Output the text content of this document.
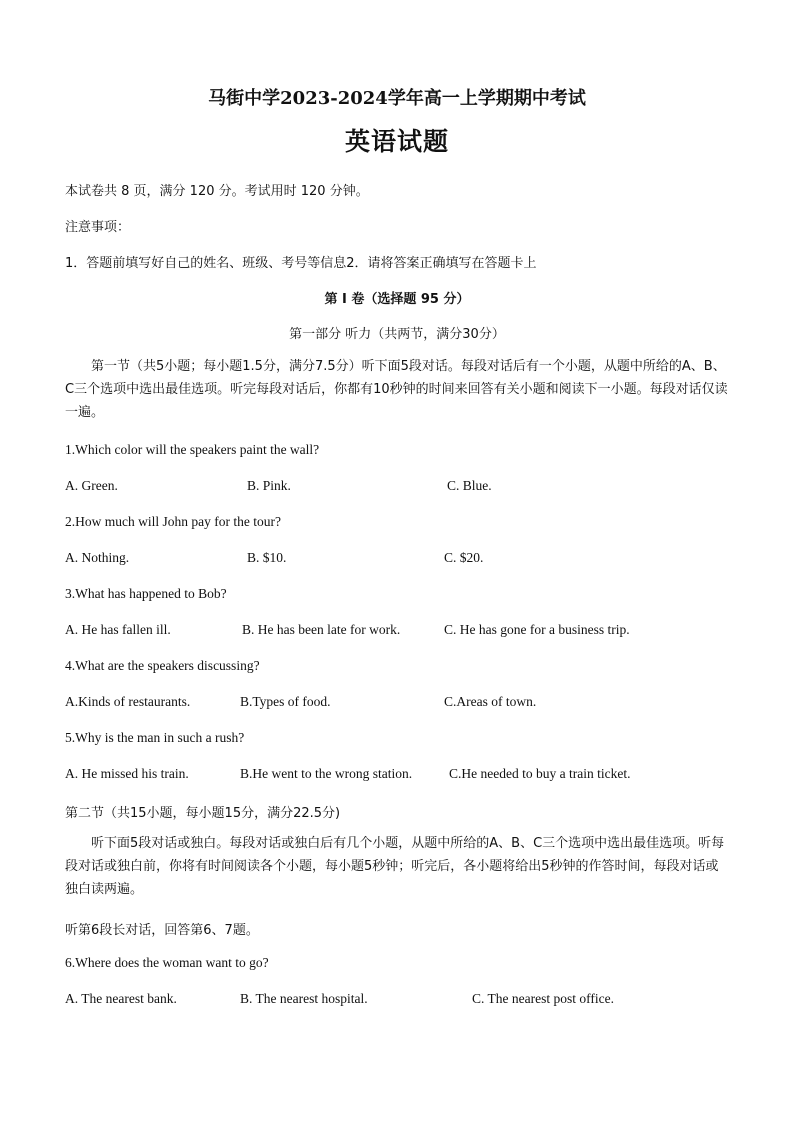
马街中学2023-2024学年高一上学期期中考试
英语试题
本试卷共 8 页，满分 120 分。考试用时 120 分钟。
注意事项：
1．答题前填写好自己的姓名、班级、考号等信息2．请将答案正确填写在答题卡上
第 I 卷（选择题 95 分）
第一部分 听力（共两节，满分30分）
第一节（共5小题；每小题1.5分，满分7.5分）听下面5段对话。每段对话后有一个小题，从题中所给的A、B、C三个选项中选出最佳选项。听完每段对话后，你都有10秒钟的时间来回答有关小题和阅读下一小题。每段对话仅读一遍。
1.Which color will the speakers paint the wall?
A. Green.	B. Pink.	C. Blue.
2.How much will John pay for the tour?
A. Nothing.	B. $10.	C. $20.
3.What has happened to Bob?
A. He has fallen ill.	B. He has been late for work.	C. He has gone for a business trip.
4.What are the speakers discussing?
A.Kinds of restaurants.	B.Types of food.	C.Areas of town.
5.Why is the man in such a rush?
A. He missed his train.	B.He went to the wrong station.	C.He needed to buy a train ticket.
第二节（共15小题，每小题15分，满分22.5分)
听下面5段对话或独白。每段对话或独白后有几个小题，从题中所给的A、B、C三个选项中选出最佳选项。听每段对话或独白前，你将有时间阅读各个小题，每小题5秒钟；听完后，各小题将给出5秒钟的作答时间，每段对话或独白读两遍。
听第6段长对话，回答第6、7题。
6.Where does the woman want to go?
A. The nearest bank.	B. The nearest hospital.	C. The nearest post office.
